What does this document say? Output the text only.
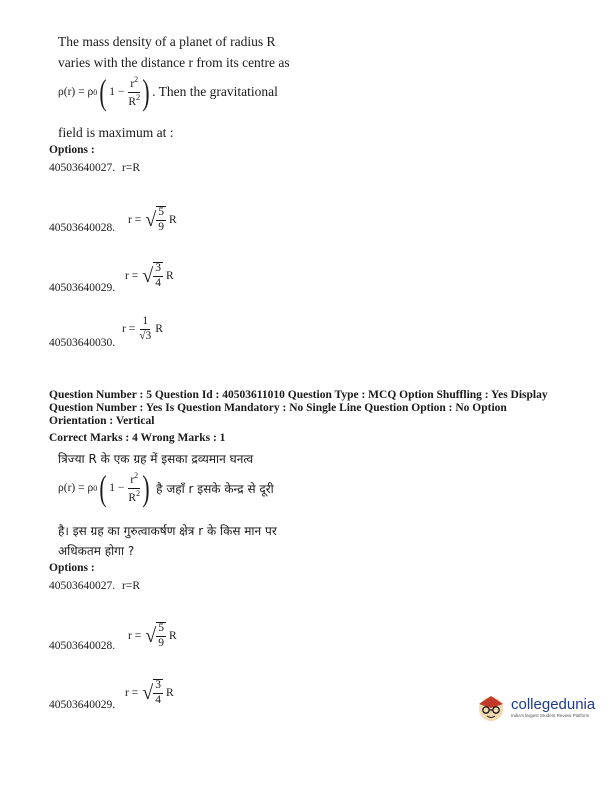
The mass density of a planet of radius R
varies with the distance r from its centre as
ρ(r) = ρ 0 ( $1 - \frac{r^2}{R^2}$ ) . Then the gravitational
field is maximum at :
Options :
40503640027. r=R
40503640028.
r = √ $\frac{5}{9}$ R
40503640029.
r = √ $\frac{3}{4}$ R
40503640030.
$r = \frac{1}{√3}$ R
Question Number : 5 Question Id : 40503611010 Question Type : MCQ Option Shuffling : Yes Display
Question Number : Yes Is Question Mandatory : No Single Line Question Option : No Option
Orientation : Vertical
Correct Marks : 4 Wrong Marks : 1
त्रिज्या R के एक ग्रह में इसका द्रव्यमान घनत्व
ρ(r) = ρ 0 ( $1 - \frac{r^2}{R^2}$ ) है जहाँ r इसके केन्द्र से दूरी
है। इस ग्रह का गुरुत्वाकर्षण क्षेत्र r के किस मान पर
अधिकतम होगा ?
Options :
40503640027. r=R
40503640028.
r = √ $\frac{5}{9}$ R
40503640029.
r = √ $\frac{3}{4}$ R
collegedunia
India's largest Student Review Platform
